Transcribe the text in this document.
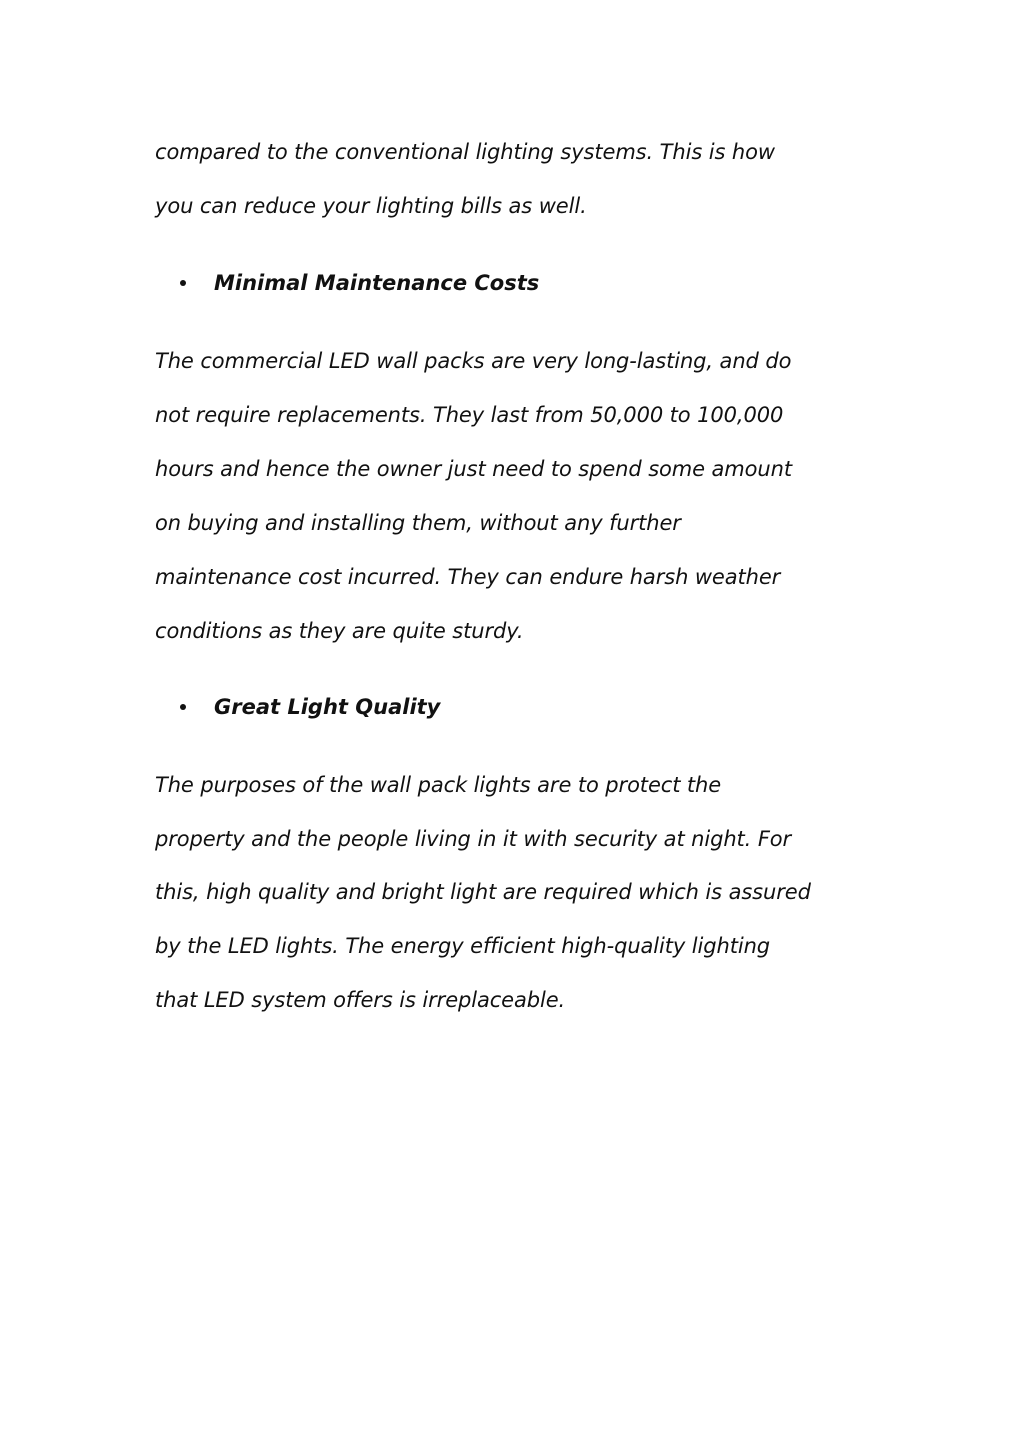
compared to the conventional lighting systems. This is how

you can reduce your lighting bills as well.

Minimal Maintenance Costs

The commercial LED wall packs are very long-lasting, and do

not require replacements. They last from 50,000 to 100,000

hours and hence the owner just need to spend some amount

on buying and installing them, without any further

maintenance cost incurred. They can endure harsh weather

conditions as they are quite sturdy.

Great Light Quality

The purposes of the wall pack lights are to protect the

property and the people living in it with security at night. For

this, high quality and bright light are required which is assured

by the LED lights. The energy efficient high-quality lighting

that LED system offers is irreplaceable.
